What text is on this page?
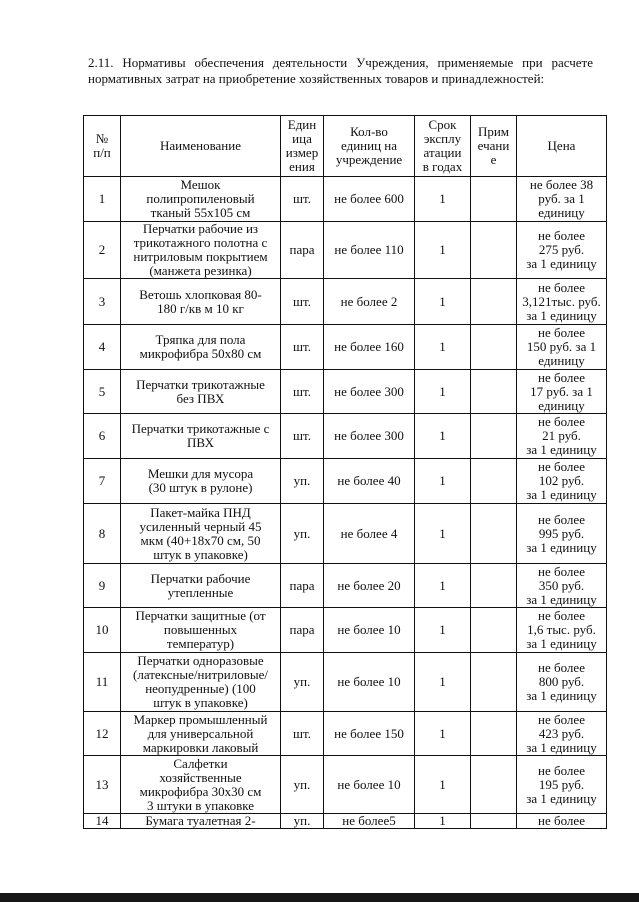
2.11. Нормативы обеспечения деятельности Учреждения, применяемые при расчете нормативных затрат на приобретение хозяйственных товаров и принадлежностей:
№
п/п	Наименование	Един
ица
измер
ения	Кол-во
единиц на
учреждение	Срок
эксплу
атации
в годах	Прим
ечани
е	Цена
1	Мешок
полипропиленовый
тканый 55х105 см	шт.	не более 600	1		не более 38
руб. за 1
единицу
2	Перчатки рабочие из
трикотажного полотна с
нитриловым покрытием
(манжета резинка)	пара	не более 110	1		не более
275 руб.
за 1 единицу
3	Ветошь хлопковая 80-
180 г/кв м 10 кг	шт.	не более 2	1		не более
3,121тыс. руб.
за 1 единицу
4	Тряпка для пола
микрофибра 50х80 см	шт.	не более 160	1		не более
150 руб. за 1
единицу
5	Перчатки трикотажные
без ПВХ	шт.	не более 300	1		не более
17 руб. за 1
единицу
6	Перчатки трикотажные с
ПВХ	шт.	не более 300	1		не более
21 руб.
за 1 единицу
7	Мешки для мусора
(30 штук в рулоне)	уп.	не более 40	1		не более
102 руб.
за 1 единицу
8	Пакет-майка ПНД
усиленный черный 45
мкм (40+18х70 см, 50
штук в упаковке)	уп.	не более 4	1		не более
995 руб.
за 1 единицу
9	Перчатки рабочие
утепленные	пара	не более 20	1		не более
350 руб.
за 1 единицу
10	Перчатки защитные (от
повышенных
температур)	пара	не более 10	1		не более
1,6 тыс. руб.
за 1 единицу
11	Перчатки одноразовые
(латексные/нитриловые/
неопудренные) (100
штук в упаковке)	уп.	не более 10	1		не более
800 руб.
за 1 единицу
12	Маркер промышленный
для универсальной
маркировки лаковый	шт.	не более 150	1		не более
423 руб.
за 1 единицу
13	Салфетки
хозяйственные
микрофибра 30х30 см
3 штуки в упаковке	уп.	не более 10	1		не более
195 руб.
за 1 единицу
14	Бумага туалетная 2-	уп.	не более5	1		не более
